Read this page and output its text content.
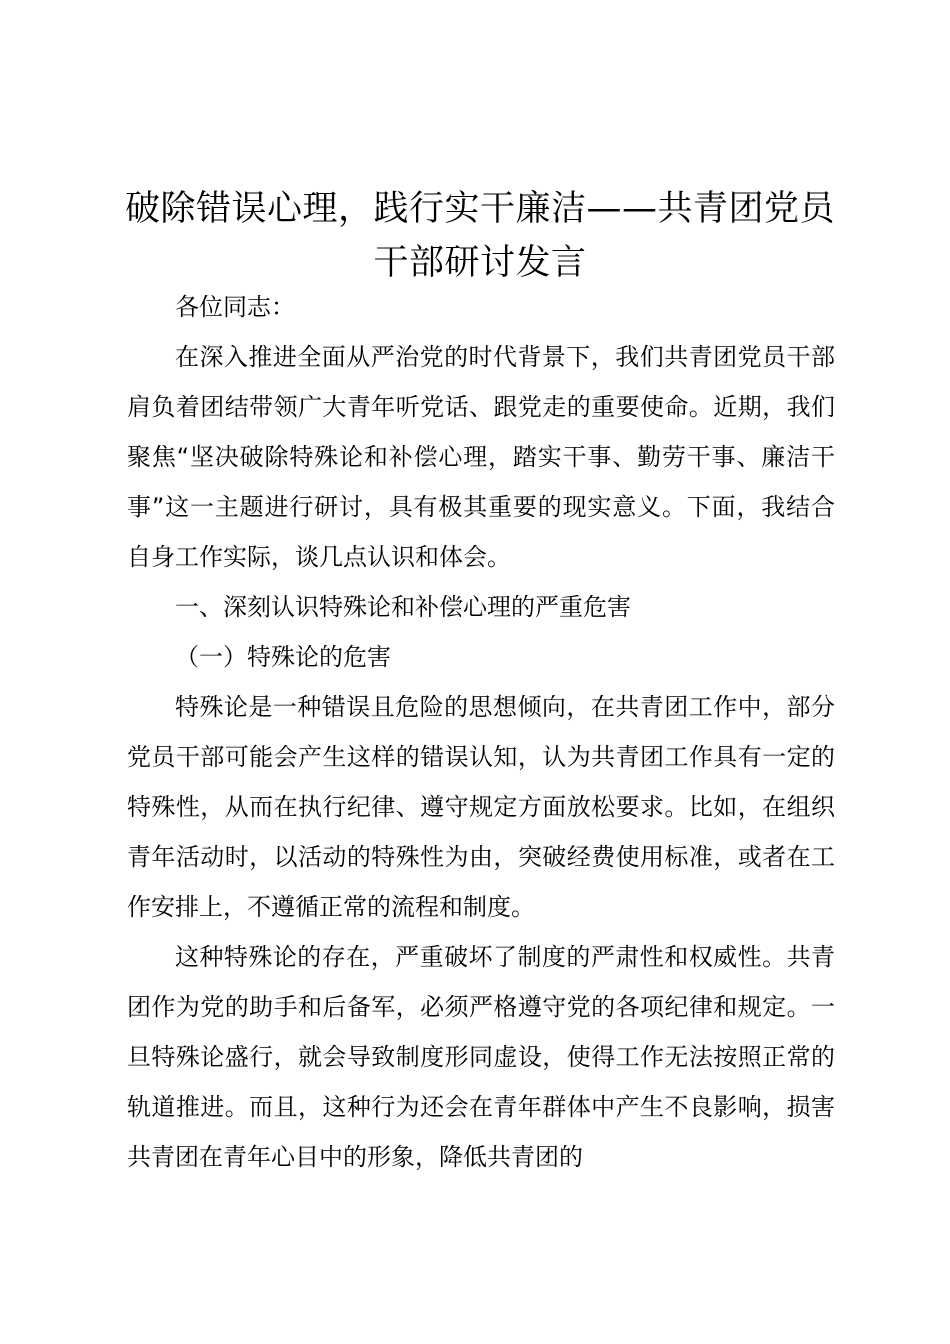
破除错误心理，践行实干廉洁——共青团党员
干部研讨发言

各位同志：

在深入推进全面从严治党的时代背景下，我们共青团党员干部肩负着团结带领广大青年听党话、跟党走的重要使命。近期，我们聚焦“坚决破除特殊论和补偿心理，踏实干事、勤劳干事、廉洁干事”这一主题进行研讨，具有极其重要的现实意义。下面，我结合自身工作实际，谈几点认识和体会。

一、深刻认识特殊论和补偿心理的严重危害

（一）特殊论的危害

特殊论是一种错误且危险的思想倾向，在共青团工作中，部分党员干部可能会产生这样的错误认知，认为共青团工作具有一定的特殊性，从而在执行纪律、遵守规定方面放松要求。比如，在组织青年活动时，以活动的特殊性为由，突破经费使用标准，或者在工作安排上，不遵循正常的流程和制度。

这种特殊论的存在，严重破坏了制度的严肃性和权威性。共青团作为党的助手和后备军，必须严格遵守党的各项纪律和规定。一旦特殊论盛行，就会导致制度形同虚设，使得工作无法按照正常的轨道推进。而且，这种行为还会在青年群体中产生不良影响，损害共青团在青年心目中的形象，降低共青团的
